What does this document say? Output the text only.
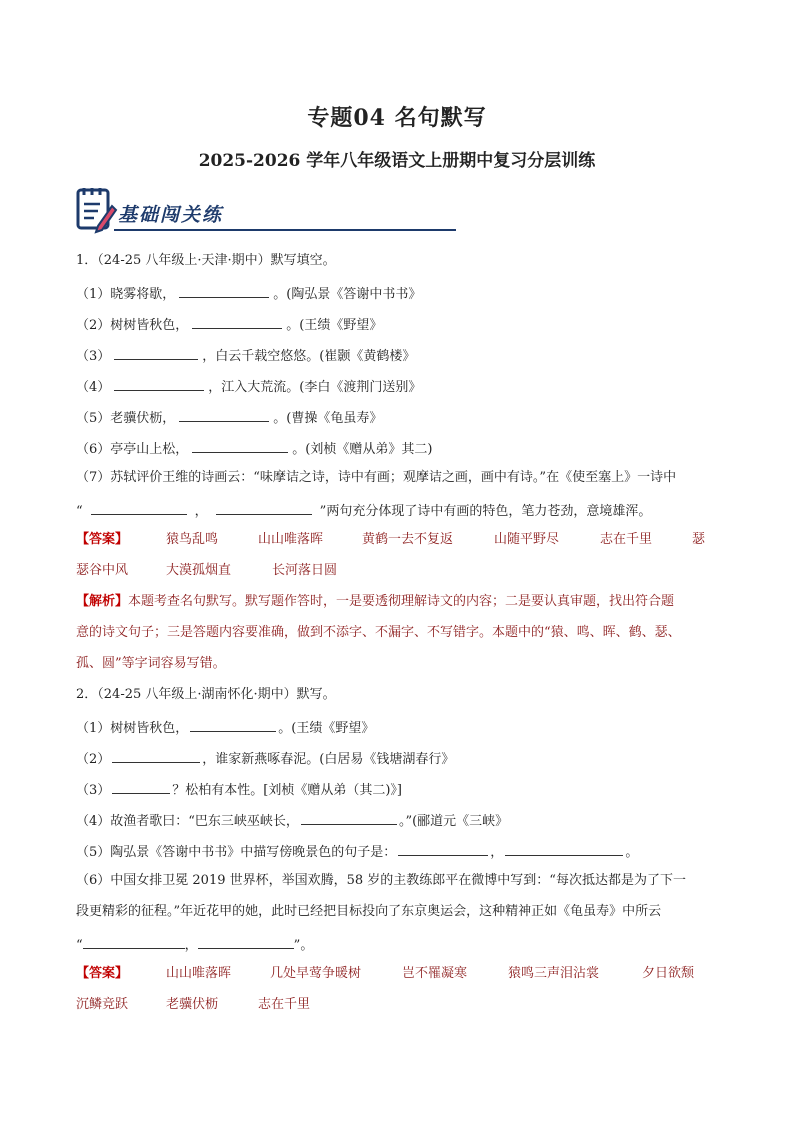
专题04 名句默写
2025-2026 学年八年级语文上册期中复习分层训练
基础闯关练
1．（24-25 八年级上·天津·期中）默写填空。
（1）晓雾将歇，	。(陶弘景《答谢中书书》
（2）树树皆秋色，	。(王绩《野望》
（3）	，白云千载空悠悠。(崔颢《黄鹤楼》
（4）	，江入大荒流。(李白《渡荆门送别》
（5）老骥伏枥，	。(曹操《龟虽寿》
（6）亭亭山上松，	。(刘桢《赠从弟》其二)
（7）苏轼评价王维的诗画云：“味摩诘之诗，诗中有画；观摩诘之画，画中有诗。”在《使至塞上》一诗中
“	，	”两句充分体现了诗中有画的特色，笔力苍劲，意境雄浑。
【答案】	猿鸟乱鸣	山山唯落晖	黄鹤一去不复返	山随平野尽	志在千里	瑟
瑟谷中风	大漠孤烟直	长河落日圆
【解析】本题考查名句默写。默写题作答时，一是要透彻理解诗文的内容；二是要认真审题，找出符合题
意的诗文句子；三是答题内容要准确，做到不添字、不漏字、不写错字。本题中的“猿、鸣、晖、鹤、瑟、
孤、圆”等字词容易写错。
2．（24-25 八年级上·湖南怀化·期中）默写。
（1）树树皆秋色，	。(王绩《野望》
（2）	，谁家新燕啄春泥。(白居易《钱塘湖春行》
（3）	？松柏有本性。[刘桢《赠从弟（其二)》]
（4）故渔者歌曰：“巴东三峡巫峡长，	。”(郦道元《三峡》
（5）陶弘景《答谢中书书》中描写傍晚景色的句子是：	，	。
（6）中国女排卫冕 2019 世界杯，举国欢腾，58 岁的主教练郎平在微博中写到：“每次抵达都是为了下一
段更精彩的征程。”年近花甲的她，此时已经把目标投向了东京奥运会，这种精神正如《龟虽寿》中所云
“	，	”。
【答案】	山山唯落晖	几处早莺争暖树	岂不罹凝寒	猿鸣三声泪沾裳	夕日欲颓
沉鳞竞跃	老骥伏枥	志在千里
